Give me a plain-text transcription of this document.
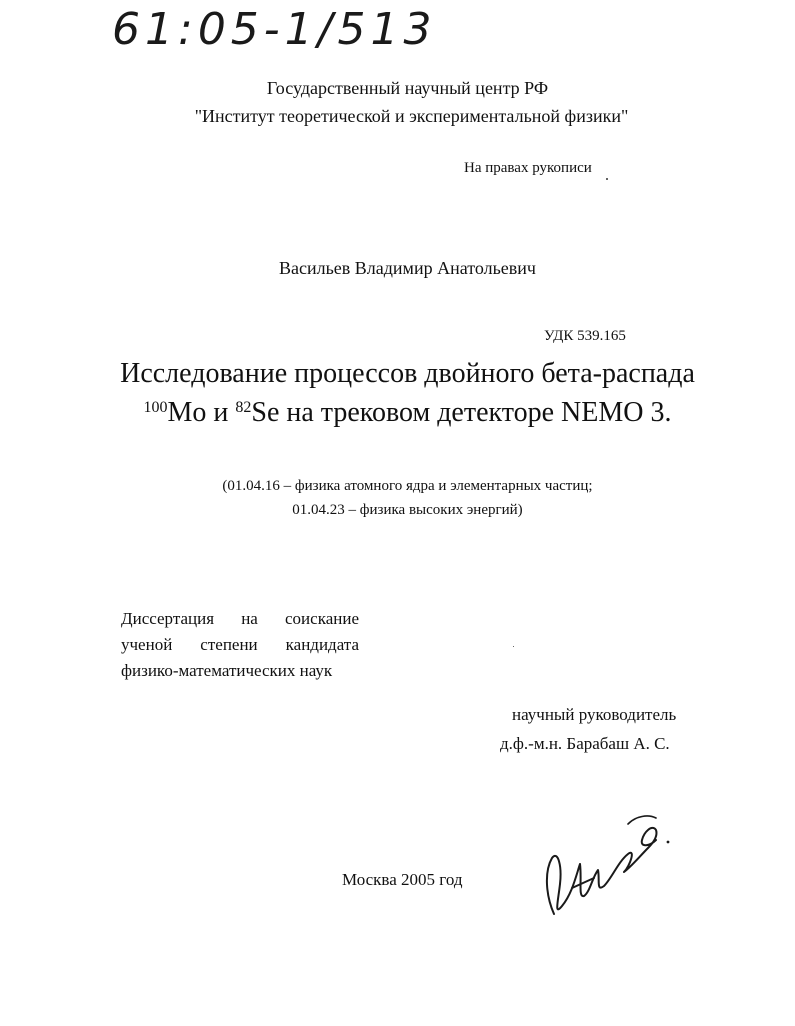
61:05-1/513
Государственный научный центр РФ
"Институт теоретической и экспериментальной физики"
На правах рукописи
Васильев Владимир Анатольевич
УДК 539.165
Исследование процессов двойного бета-распада
$^{100}$Mo и $^{82}$Se на трековом детекторе NEMO 3.
(01.04.16 – физика атомного ядра и элементарных частиц;
01.04.23 – физика высоких энергий)
Диссертация на соискание
ученой степени кандидата
физико-математических наук
научный руководитель
д.ф.-м.н. Барабаш А. С.
Москва 2005 год
